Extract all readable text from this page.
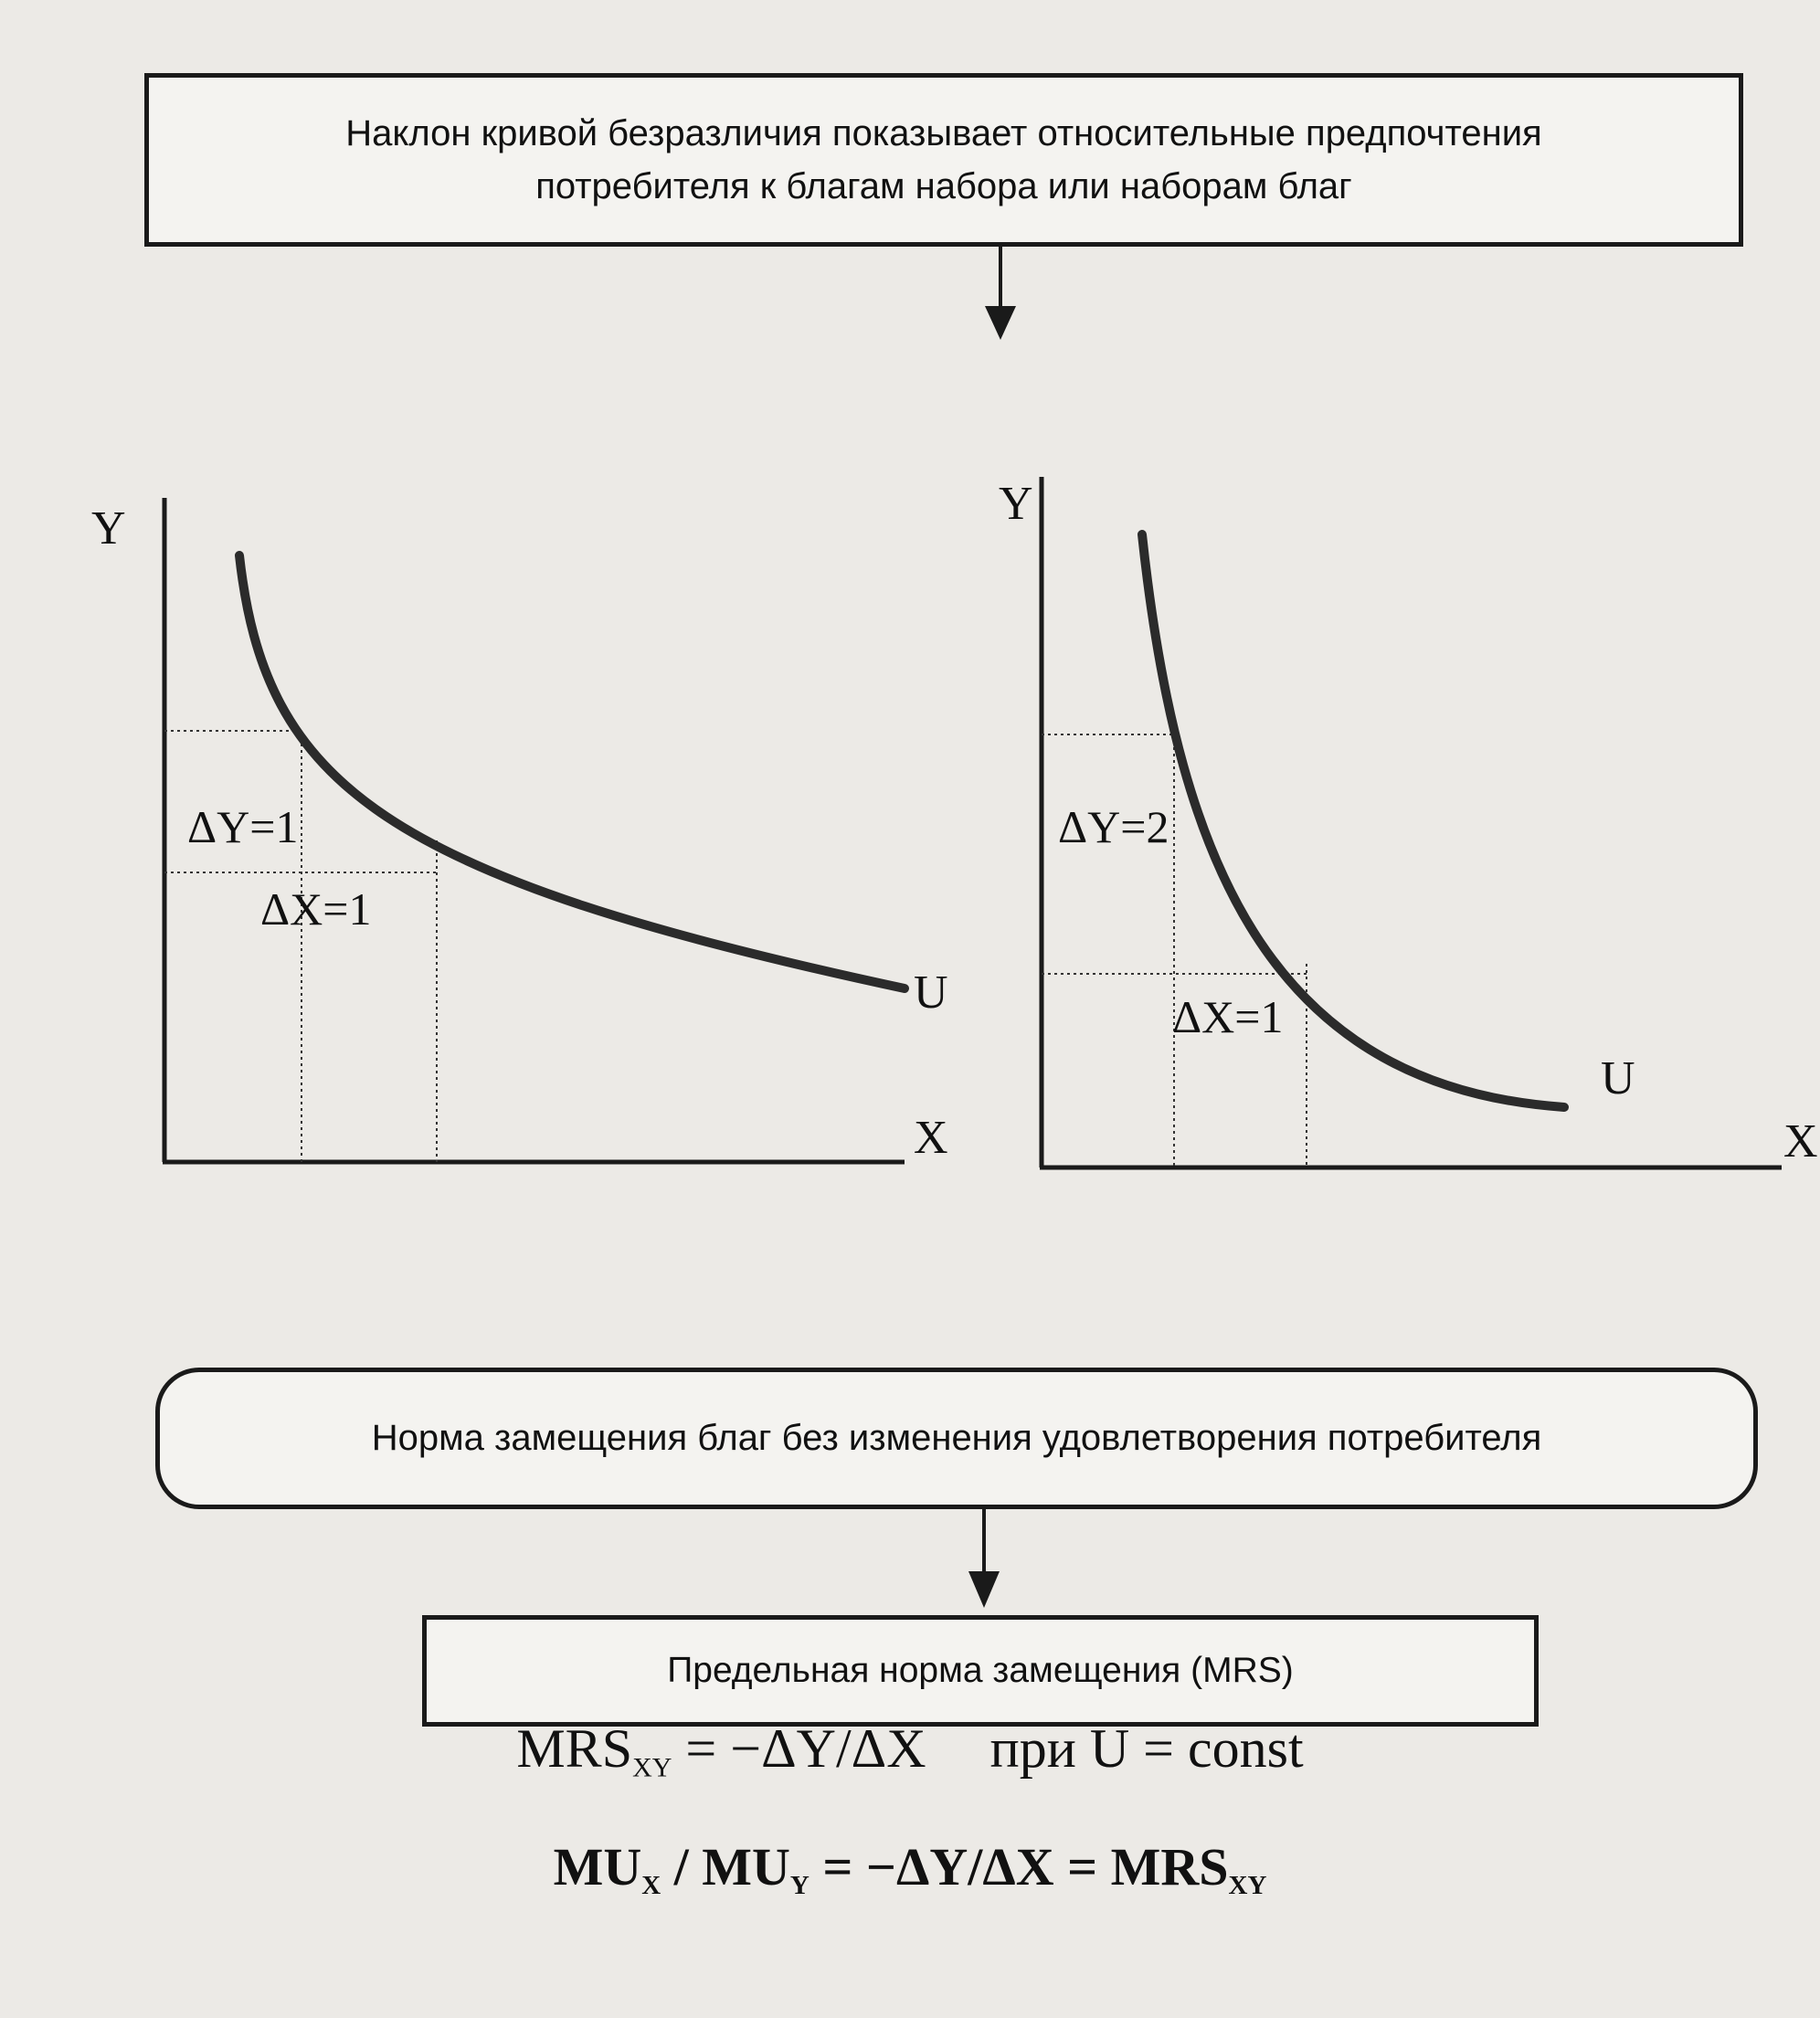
Наклон кривой безразличия показывает относительные предпочтения
потребителя к благам набора или наборам благ
Y
X
U
ΔY=1
ΔX=1
Y
X
U
ΔY=2
ΔX=1
Норма замещения благ без изменения удовлетворения потребителя
Предельная норма замещения (MRS)
$MRS_{XY} = -\Delta Y/\Delta X$ при U = const
$MU_X / MU_Y = -\Delta Y/\Delta X = MRS_{XY}$
